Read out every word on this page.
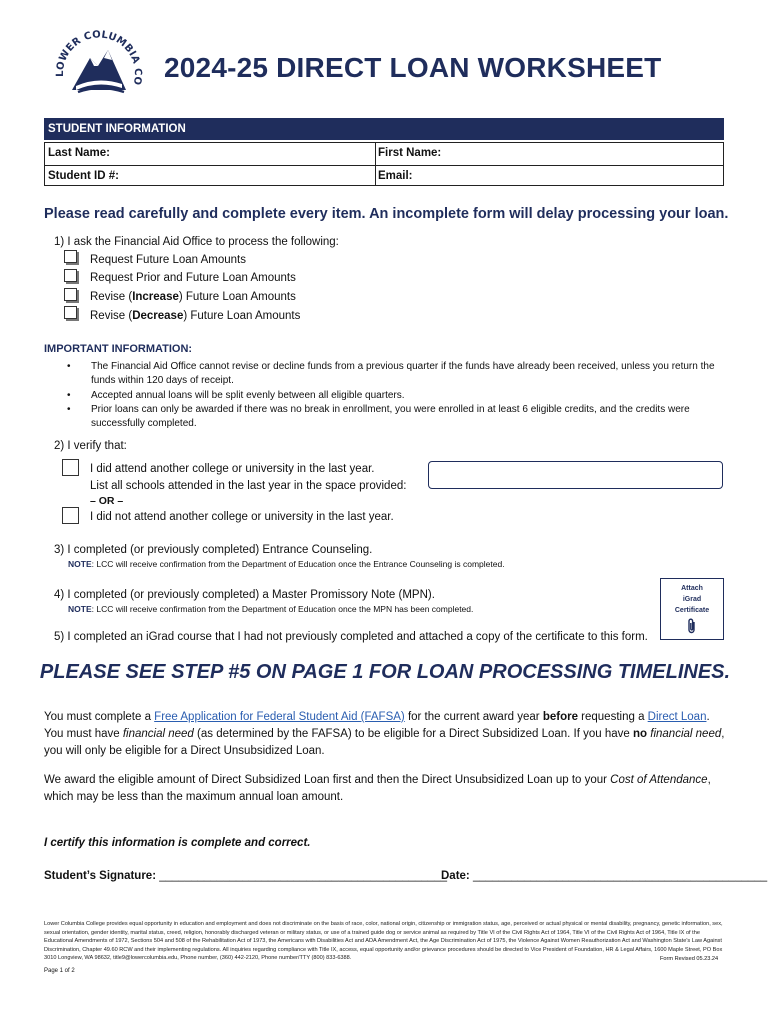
LOWER COLUMBIA CO 2024-25 DIRECT LOAN WORKSHEET
STUDENT INFORMATION
Last Name:	First Name:
Student ID #:	Email:
Please read carefully and complete every item. An incomplete form will delay processing your loan.
1) I ask the Financial Aid Office to process the following:
Request Future Loan Amounts
Request Prior and Future Loan Amounts
Revise (Increase) Future Loan Amounts
Revise (Decrease) Future Loan Amounts
IMPORTANT INFORMATION:
• The Financial Aid Office cannot revise or decline funds from a previous quarter if the funds have already been received, unless you return the funds within 120 days of receipt.
• Accepted annual loans will be split evenly between all eligible quarters.
• Prior loans can only be awarded if there was no break in enrollment, you were enrolled in at least 6 eligible credits, and the credits were successfully completed.
2) I verify that:
I did attend another college or university in the last year.
List all schools attended in the last year in the space provided:
– OR –
I did not attend another college or university in the last year.
3) I completed (or previously completed) Entrance Counseling.
NOTE: LCC will receive confirmation from the Department of Education once the Entrance Counseling is completed.
4) I completed (or previously completed) a Master Promissory Note (MPN).
NOTE: LCC will receive confirmation from the Department of Education once the MPN has been completed.
Attach
iGrad
Certificate
5) I completed an iGrad course that I had not previously completed and attached a copy of the certificate to this form.
PLEASE SEE STEP #5 ON PAGE 1 FOR LOAN PROCESSING TIMELINES.
You must complete a Free Application for Federal Student Aid (FAFSA) for the current award year before requesting a Direct Loan.
You must have financial need (as determined by the FAFSA) to be eligible for a Direct Subsidized Loan. If you have no financial need,
you will only be eligible for a Direct Unsubsidized Loan.
We award the eligible amount of Direct Subsidized Loan first and then the Direct Unsubsidized Loan up to your Cost of Attendance,
which may be less than the maximum annual loan amount.
I certify this information is complete and correct.
Student’s Signature: _____________________________________________
Date: ______________________________________________
Lower Columbia College provides equal opportunity in education and employment and does not discriminate on the basis of race, color, national origin, citizenship or immigration status, age, perceived or actual physical or mental disability, pregnancy, genetic information, sex, sexual orientation, gender identity, marital status, creed, religion, honorably discharged veteran or military status, or use of a trained guide dog or service animal as required by Title VI of the Civil Rights Act of 1964, Title VI of the Civil Rights Act of 1964, Title IX of the Educational Amendments of 1972, Sections 504 and 508 of the Rehabilitation Act of 1973, the Americans with Disabilities Act and ADA Amendment Act, the Age Discrimination Act of 1975, the Violence Against Women Reauthorization Act and Washington State's Law Against Discrimination, Chapter 49.60 RCW and their implementing regulations. All inquiries regarding compliance with Title IX, access, equal opportunity and/or grievance procedures should be directed to Vice President of Foundation, HR & Legal Affairs, 1600 Maple Street, PO Box 3010 Longview, WA 98632, title9@lowercolumbia.edu, Phone number, (360) 442-2120, Phone number/TTY (800) 833-6388.	Form Revised 05.23.24
Page 1 of 2
